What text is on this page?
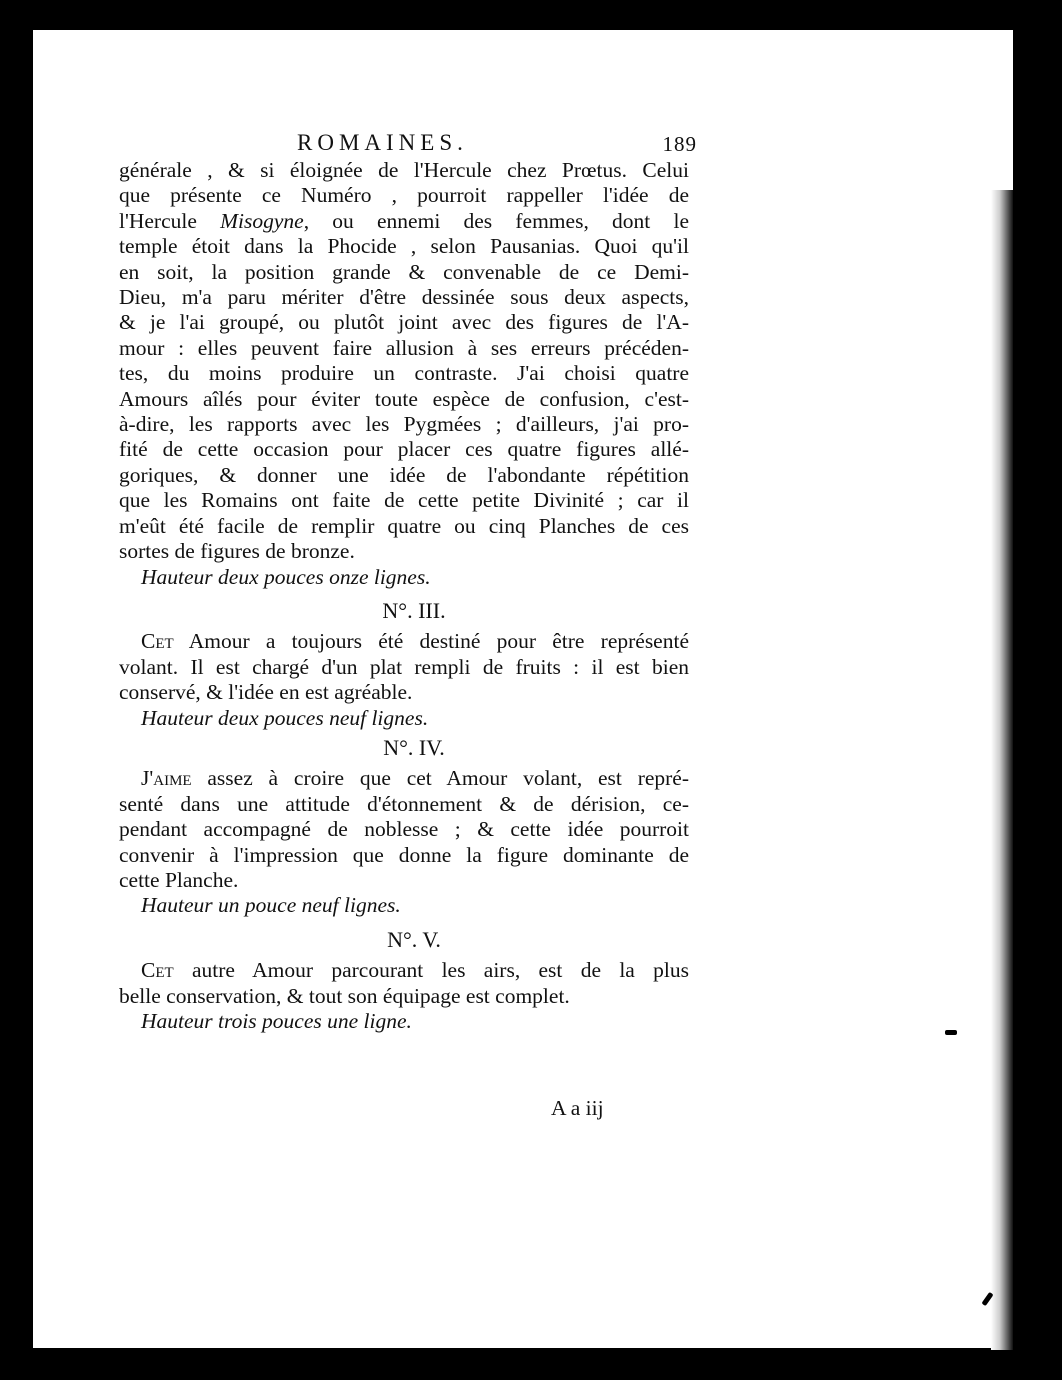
ROMAINES.	189
générale , & si éloignée de l'Hercule chez Prœtus. Celui
que présente ce Numéro , pourroit rappeller l'idée de
l'Hercule Misogyne, ou ennemi des femmes, dont le
temple étoit dans la Phocide , selon Pausanias. Quoi qu'il
en soit, la position grande & convenable de ce Demi-
Dieu, m'a paru mériter d'être dessinée sous deux aspects,
& je l'ai groupé, ou plutôt joint avec des figures de l'A-
mour : elles peuvent faire allusion à ses erreurs précéden-
tes, du moins produire un contraste. J'ai choisi quatre
Amours aîlés pour éviter toute espèce de confusion, c'est-
à-dire, les rapports avec les Pygmées ; d'ailleurs, j'ai pro-
fité de cette occasion pour placer ces quatre figures allé-
goriques, & donner une idée de l'abondante répétition
que les Romains ont faite de cette petite Divinité ; car il
m'eût été facile de remplir quatre ou cinq Planches de ces
sortes de figures de bronze.
Hauteur deux pouces onze lignes.
N°. III.
Cet Amour a toujours été destiné pour être représenté
volant. Il est chargé d'un plat rempli de fruits : il est bien
conservé, & l'idée en est agréable.
Hauteur deux pouces neuf lignes.
N°. IV.
J'aime assez à croire que cet Amour volant, est repré-
senté dans une attitude d'étonnement & de dérision, ce-
pendant accompagné de noblesse ; & cette idée pourroit
convenir à l'impression que donne la figure dominante de
cette Planche.
Hauteur un pouce neuf lignes.
N°. V.
Cet autre Amour parcourant les airs, est de la plus
belle conservation, & tout son équipage est complet.
Hauteur trois pouces une ligne.
A a iij
